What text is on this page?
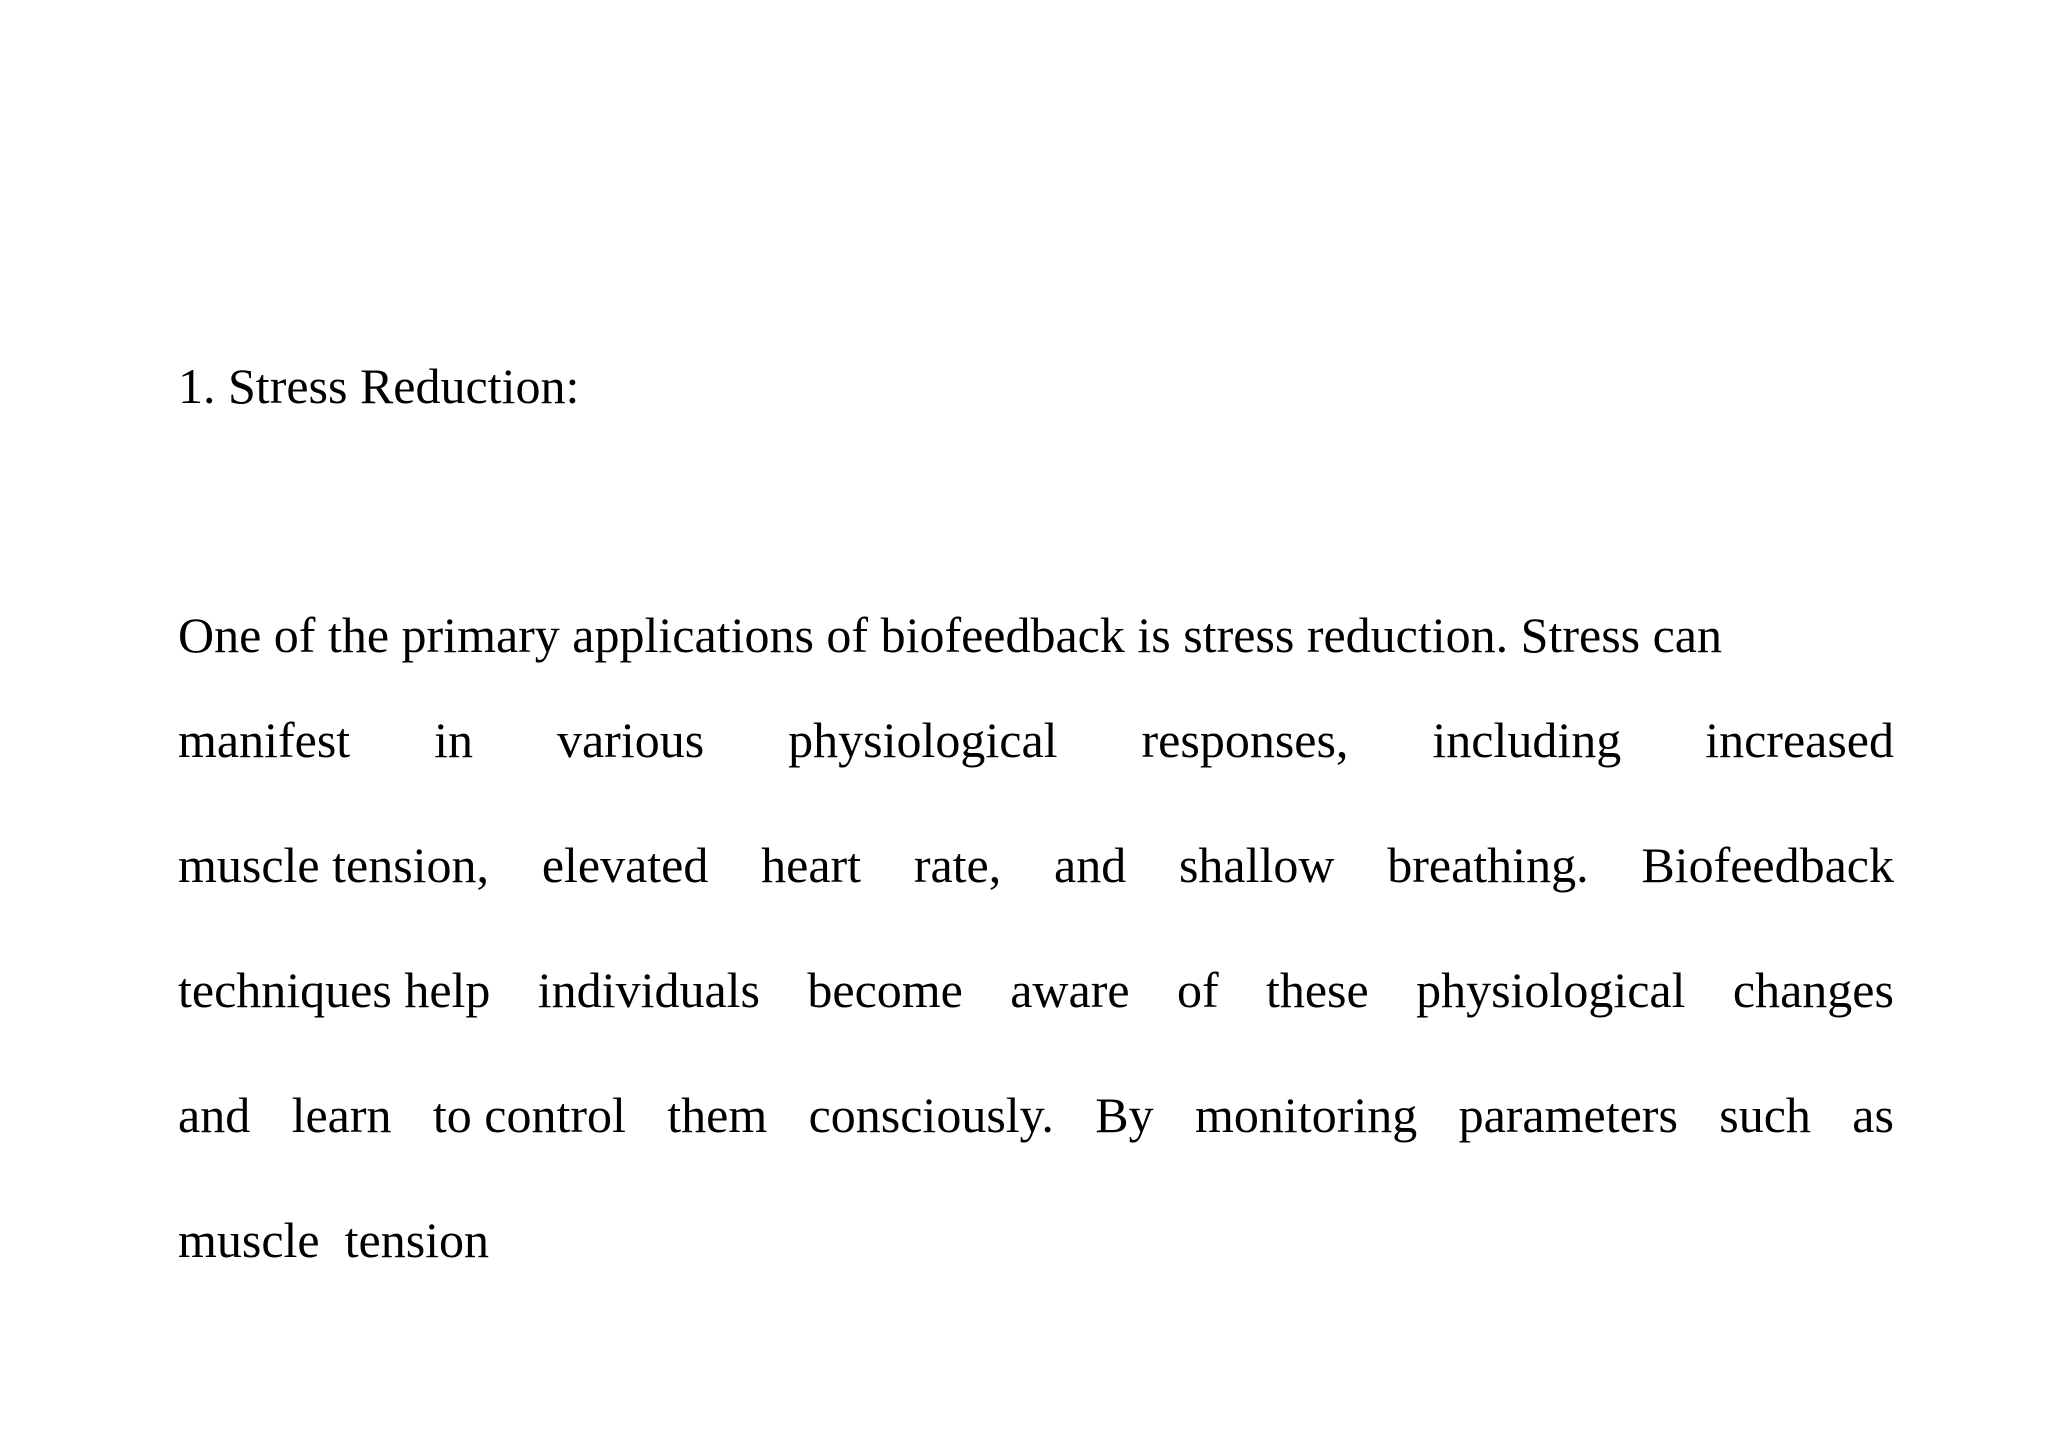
1. Stress Reduction:
One of the primary applications of biofeedback is stress reduction. Stress can
manifest in various physiological responses, including increased
muscle tension, elevated heart rate, and shallow breathing. Biofeedback
techniques help individuals become aware of these physiological changes
and learn to control them consciously. By monitoring parameters such as
muscle  tension
